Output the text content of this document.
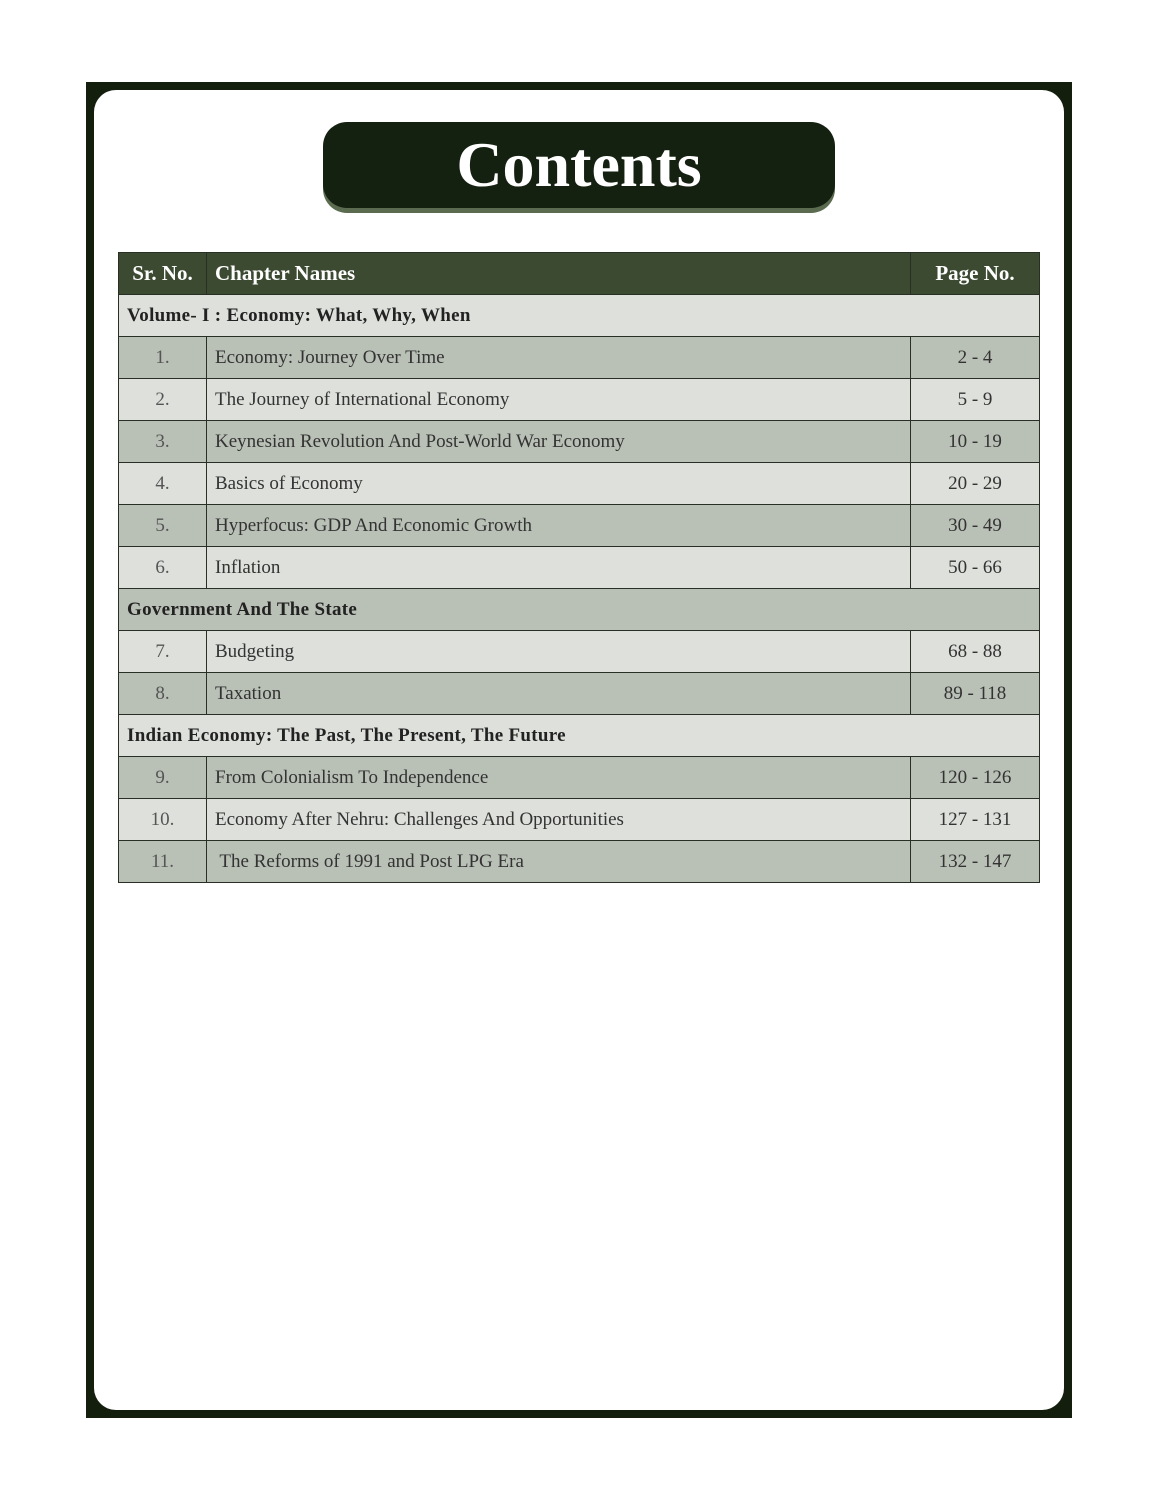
Contents
Sr. No.	Chapter Names	Page No.
Volume- I : Economy: What, Why, When		
1.	Economy: Journey Over Time	2 - 4
2.	The Journey of International Economy	5 - 9
3.	Keynesian Revolution And Post-World War Economy	10 - 19
4.	Basics of Economy	20 - 29
5.	Hyperfocus: GDP And Economic Growth	30 - 49
6.	Inflation	50 - 66
Government And The State		
7.	Budgeting	68 - 88
8.	Taxation	89 - 118
Indian Economy: The Past, The Present, The Future		
9.	From Colonialism To Independence	120 - 126
10.	Economy After Nehru: Challenges And Opportunities	127 - 131
11.	The Reforms of 1991 and Post LPG Era	132 - 147
